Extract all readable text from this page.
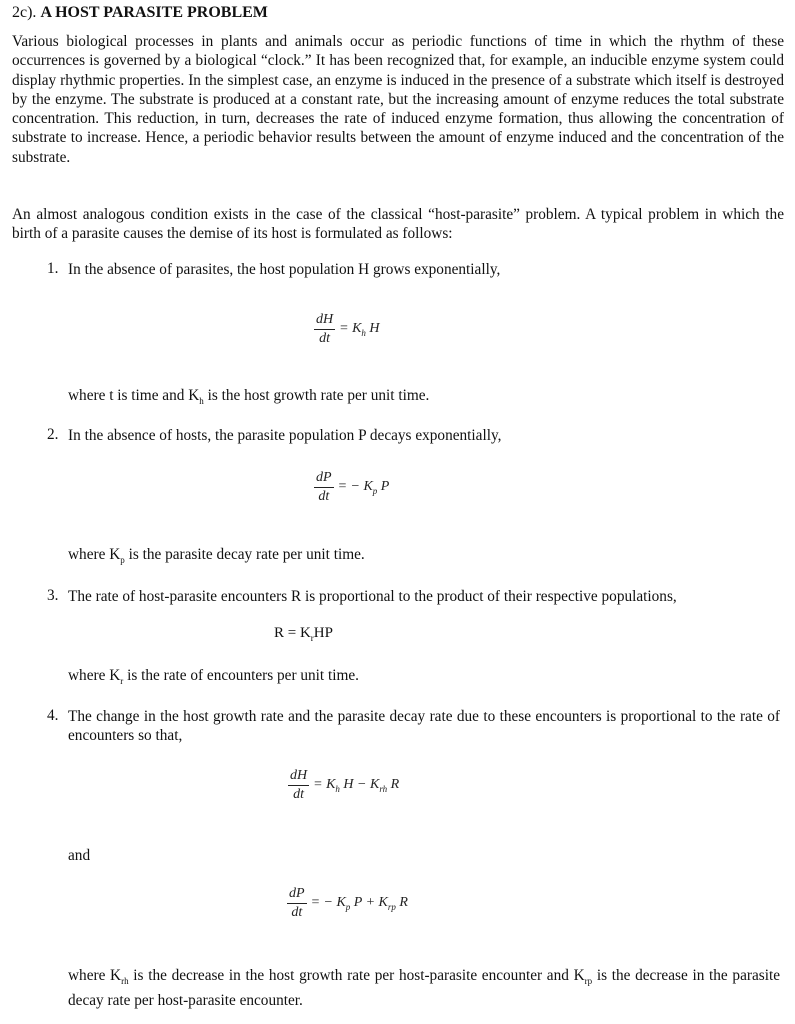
2c). A HOST PARASITE PROBLEM
Various biological processes in plants and animals occur as periodic functions of time in which the rhythm of these occurrences is governed by a biological “clock.” It has been recognized that, for example, an inducible enzyme system could display rhythmic properties. In the simplest case, an enzyme is induced in the presence of a substrate which itself is destroyed by the enzyme. The substrate is produced at a constant rate, but the increasing amount of enzyme reduces the total substrate concentration. This reduction, in turn, decreases the rate of induced enzyme formation, thus allowing the concentration of substrate to increase. Hence, a periodic behavior results between the amount of enzyme induced and the concentration of the substrate.
An almost analogous condition exists in the case of the classical “host-parasite” problem. A typical problem in which the birth of a parasite causes the demise of its host is formulated as follows:
1. In the absence of parasites, the host population H grows exponentially,
$\frac{dH}{dt} = K_h$ H
where t is time and $K_h$ is the host growth rate per unit time.
2. In the absence of hosts, the parasite population P decays exponentially,
$\frac{dP}{dt}$ = − $K_p$ P
where $K_p$ is the parasite decay rate per unit time.
3. The rate of host-parasite encounters R is proportional to the product of their respective populations,
$R = K_rHP$
where $K_r$ is the rate of encounters per unit time.
4. The change in the host growth rate and the parasite decay rate due to these encounters is proportional to the rate of encounters so that,
$\frac{dH}{dt} = K_h$ $H - K_{rh}$ R
and
$\frac{dP}{dt}$ = − $K_p$ $P + K_{rp}$ R
where $K_{rh}$ is the decrease in the host growth rate per host-parasite encounter and $K_{rp}$ is the decrease in the parasite decay rate per host-parasite encounter.
